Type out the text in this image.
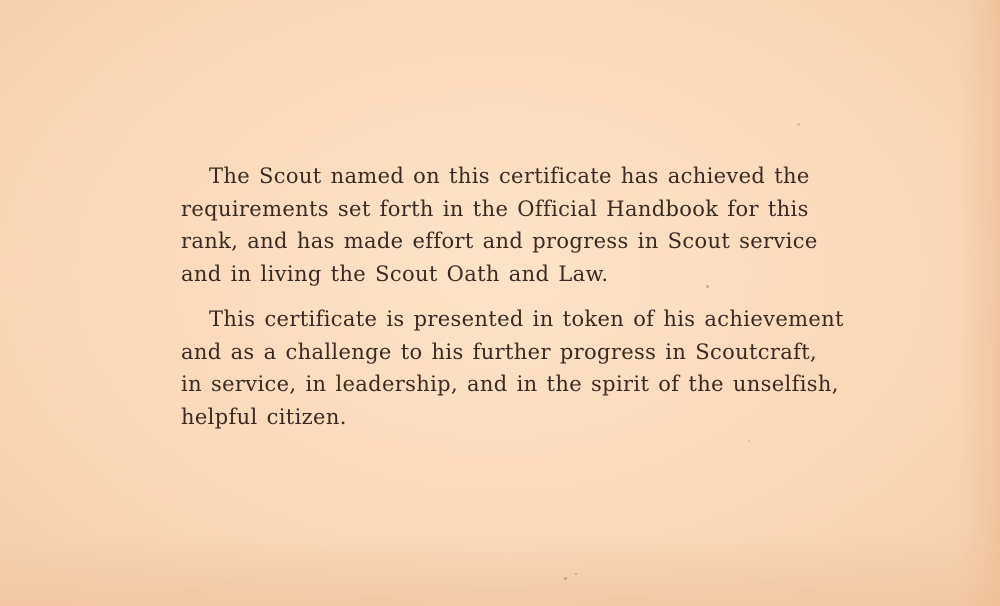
The Scout named on this certificate has achieved the
requirements set forth in the Official Handbook for this
rank, and has made effort and progress in Scout service
and in living the Scout Oath and Law.

This certificate is presented in token of his achievement
and as a challenge to his further progress in Scoutcraft,
in service, in leadership, and in the spirit of the unselfish,
helpful citizen.
